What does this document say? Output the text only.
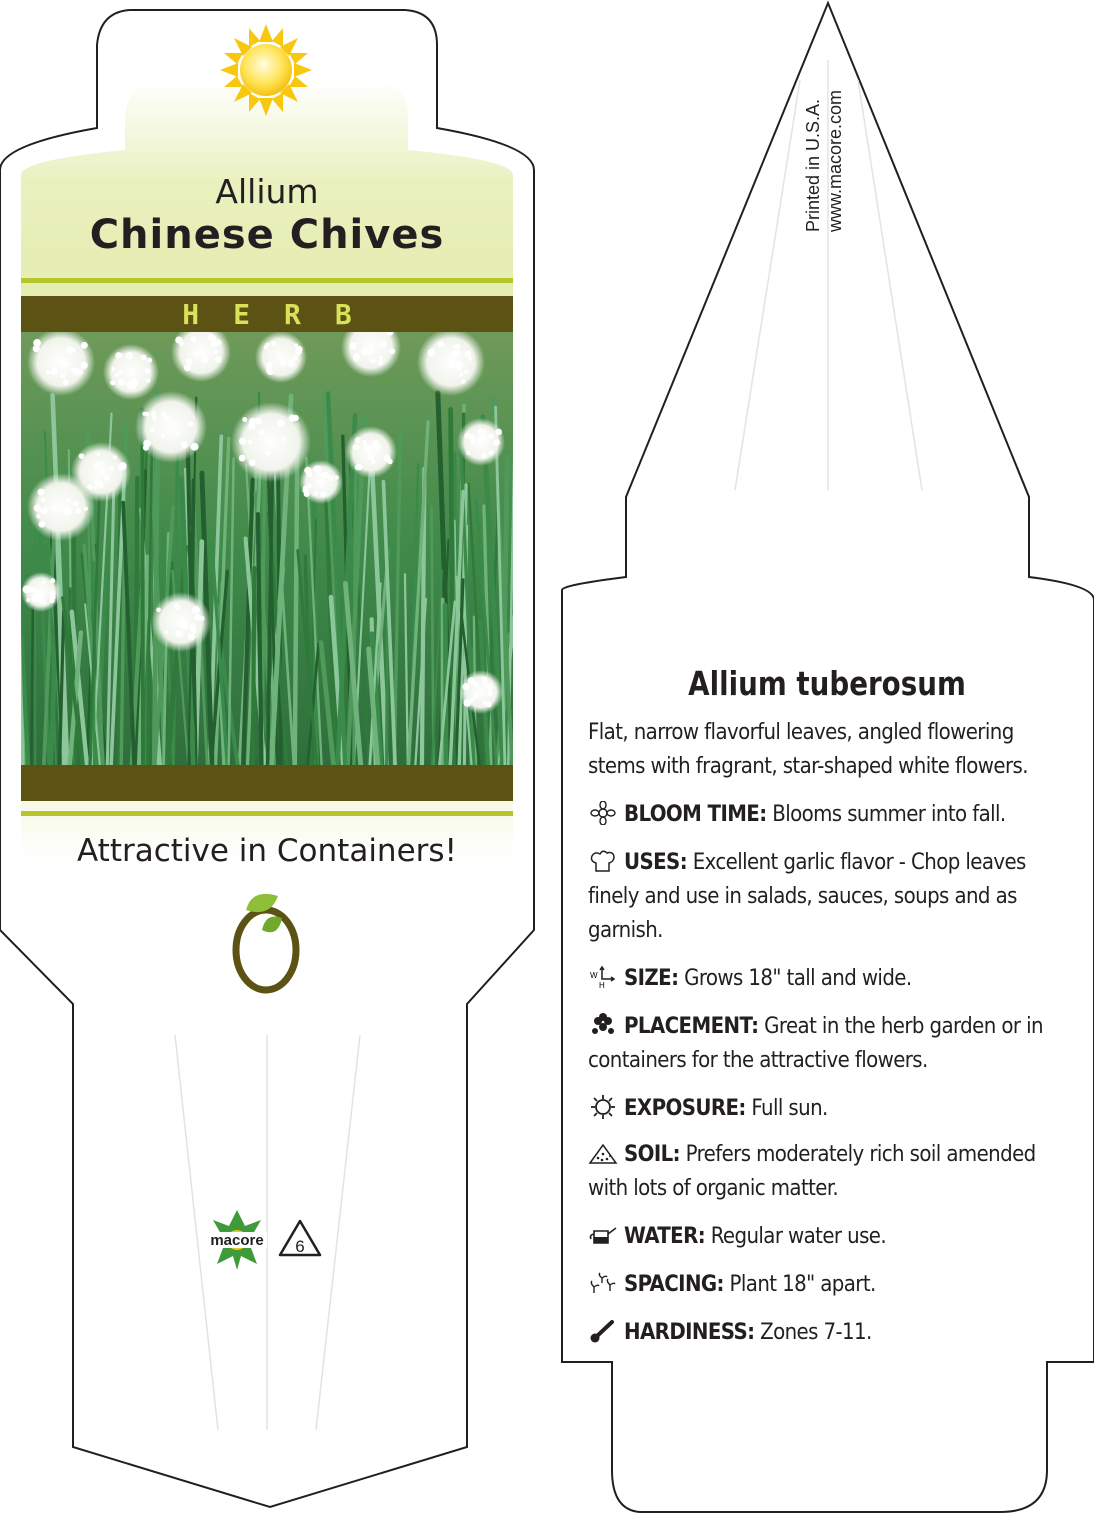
macore 6
Allium
Chinese Chives
HERB
Attractive in Containers!
Printed in U.S.A. www.macore.com
Allium tuberosum
Flat, narrow flavorful leaves, angled flowering stems with fragrant, star-shaped white flowers.
BLOOM TIME: Blooms summer into fall.
USES: Excellent garlic flavor - Chop leaves finely and use in salads, sauces, soups and as garnish.
W
H SIZE: Grows 18" tall and wide.
PLACEMENT: Great in the herb garden or in containers for the attractive flowers.
EXPOSURE: Full sun.
SOIL: Prefers moderately rich soil amended with lots of organic matter.
WATER: Regular water use.
SPACING: Plant 18" apart.
HARDINESS: Zones 7-11.
